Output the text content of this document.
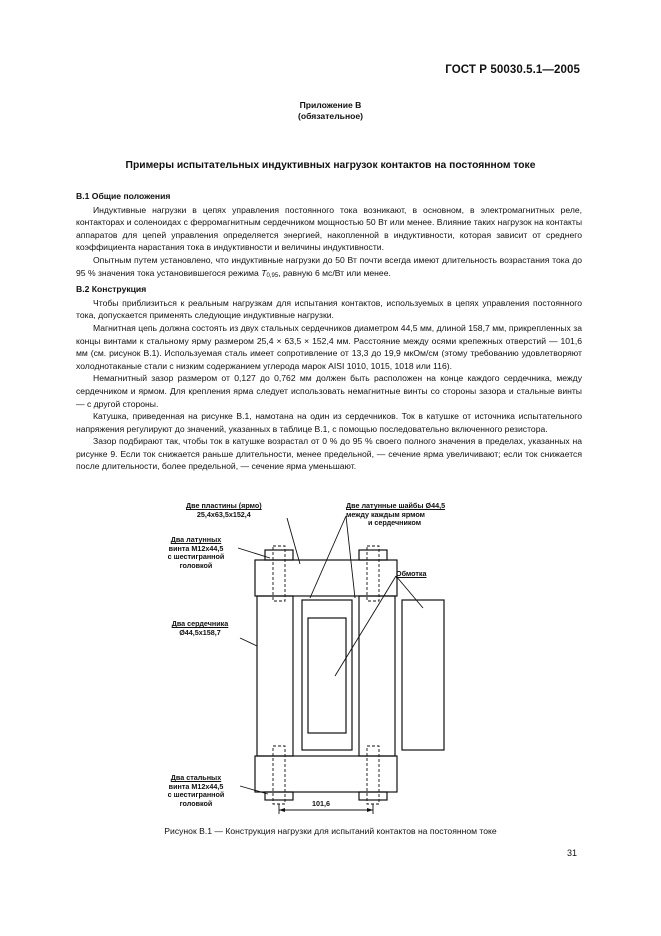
ГОСТ Р 50030.5.1—2005
Приложение В
(обязательное)
Примеры испытательных индуктивных нагрузок контактов на постоянном токе
В.1 Общие положения

Индуктивные нагрузки в цепях управления постоянного тока возникают, в основном, в электромагнитных реле, контакторах и соленоидах с ферромагнитным сердечником мощностью 50 Вт или менее. Влияние таких нагрузок на контакты аппаратов для цепей управления определяется энергией, накопленной в индуктивности, которая зависит от среднего коэффициента нарастания тока в индуктивности и величины индуктивности.

Опытным путем установлено, что индуктивные нагрузки до 50 Вт почти всегда имеют длительность возрастания тока до 95 % значения тока установившегося режима T0,95, равную 6 мс/Вт или менее.

В.2 Конструкция

Чтобы приблизиться к реальным нагрузкам для испытания контактов, используемых в цепях управления постоянного тока, допускается применять следующие индуктивные нагрузки.

Магнитная цепь должна состоять из двух стальных сердечников диаметром 44,5 мм, длиной 158,7 мм, прикрепленных за концы винтами к стальному ярму размером 25,4 × 63,5 × 152,4 мм. Расстояние между осями крепежных отверстий — 101,6 мм (см. рисунок В.1). Используемая сталь имеет сопротивление от 13,3 до 19,9 мкОм/см (этому требованию удовлетворяют холоднотаканые стали с низким содержанием углерода марок AISI 1010, 1015, 1018 или 116).

Немагнитный зазор размером от 0,127 до 0,762 мм должен быть расположен на конце каждого сердечника, между сердечником и ярмом. Для крепления ярма следует использовать немагнитные винты со стороны зазора и стальные винты — с другой стороны.

Катушка, приведенная на рисунке В.1, намотана на один из сердечников. Ток в катушке от источника испытательного напряжения регулируют до значений, указанных в таблице В.1, с помощью последовательно включенного резистора.

Зазор подбирают так, чтобы ток в катушке возрастал от 0 % до 95 % своего полного значения в пределах, указанных на рисунке 9. Если ток снижается раньше длительности, менее предельной, — сечение ярма увеличивают; если ток снижается после длительности, более предельной, — сечение ярма уменьшают.

Две пластины (ярмо)
25,4x63,5x152,4
Две латунные шайбы Ø44,5
между каждым ярмом
и сердечником
Два латунных
винта М12х44,5
с шестигранной
головкой
Обмотка
Два сердечника
Ø44,5х158,7
Два стальных
винта М12х44,5
с шестигранной
головкой	101,6
Рисунок В.1 — Конструкция нагрузки для испытаний контактов на постоянном токе
31
